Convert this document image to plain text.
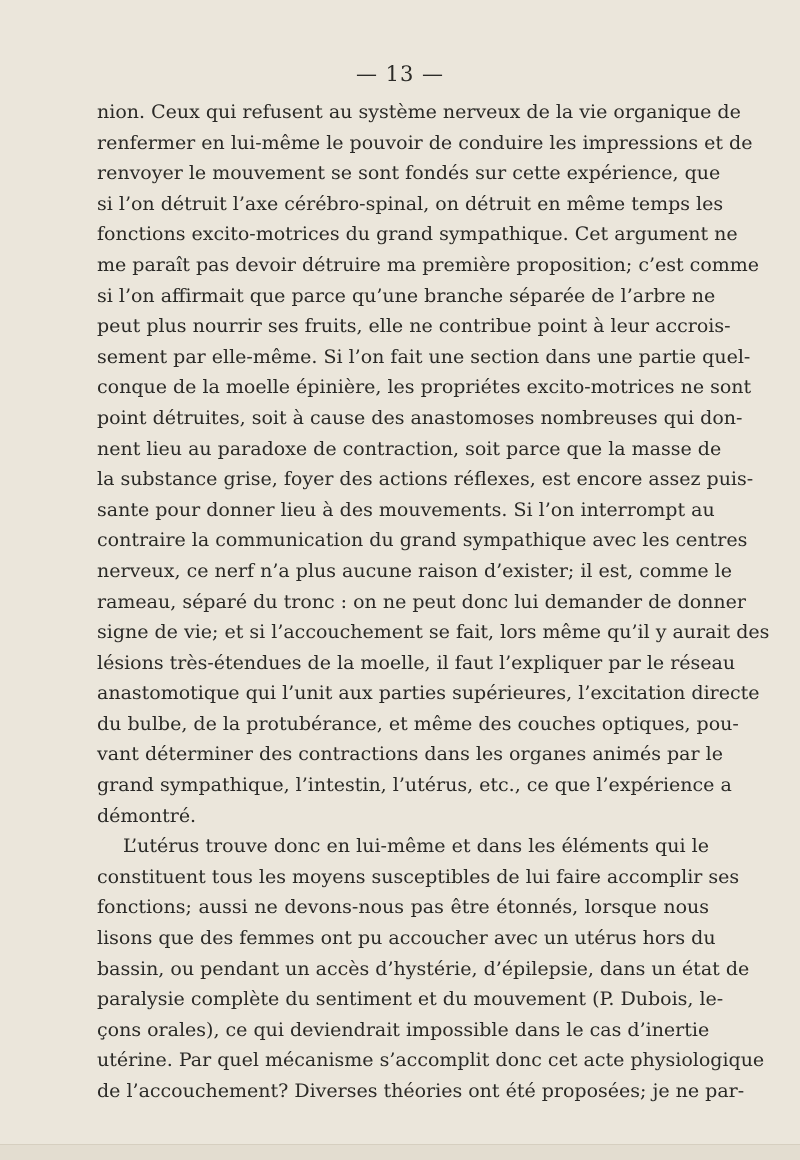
— 13 —
nion. Ceux qui refusent au système nerveux de la vie organique de
renfermer en lui-même le pouvoir de conduire les impressions et de
renvoyer le mouvement se sont fondés sur cette expérience, que
si l’on détruit l’axe cérébro-spinal, on détruit en même temps les
fonctions excito-motrices du grand sympathique. Cet argument ne
me paraît pas devoir détruire ma première proposition; c’est comme
si l’on affirmait que parce qu’une branche séparée de l’arbre ne
peut plus nourrir ses fruits, elle ne contribue point à leur accrois-
sement par elle-même. Si l’on fait une section dans une partie quel-
conque de la moelle épinière, les propriétes excito-motrices ne sont
point détruites, soit à cause des anastomoses nombreuses qui don-
nent lieu au paradoxe de contraction, soit parce que la masse de
la substance grise, foyer des actions réflexes, est encore assez puis-
sante pour donner lieu à des mouvements. Si l’on interrompt au
contraire la communication du grand sympathique avec les centres
nerveux, ce nerf n’a plus aucune raison d’exister; il est, comme le
rameau, séparé du tronc : on ne peut donc lui demander de donner
signe de vie; et si l’accouchement se fait, lors même qu’il y aurait des
lésions très-étendues de la moelle, il faut l’expliquer par le réseau
anastomotique qui l’unit aux parties supérieures, l’excitation directe
du bulbe, de la protubérance, et même des couches optiques, pou-
vant déterminer des contractions dans les organes animés par le
grand sympathique, l’intestin, l’utérus, etc., ce que l’expérience a
démontré.
L’utérus trouve donc en lui-même et dans les éléments qui le
constituent tous les moyens susceptibles de lui faire accomplir ses
fonctions; aussi ne devons-nous pas être étonnés, lorsque nous
lisons que des femmes ont pu accoucher avec un utérus hors du
bassin, ou pendant un accès d’hystérie, d’épilepsie, dans un état de
paralysie complète du sentiment et du mouvement (P. Dubois, le-
çons orales), ce qui deviendrait impossible dans le cas d’inertie
utérine. Par quel mécanisme s’accomplit donc cet acte physiologique
de l’accouchement? Diverses théories ont été proposées; je ne par-
